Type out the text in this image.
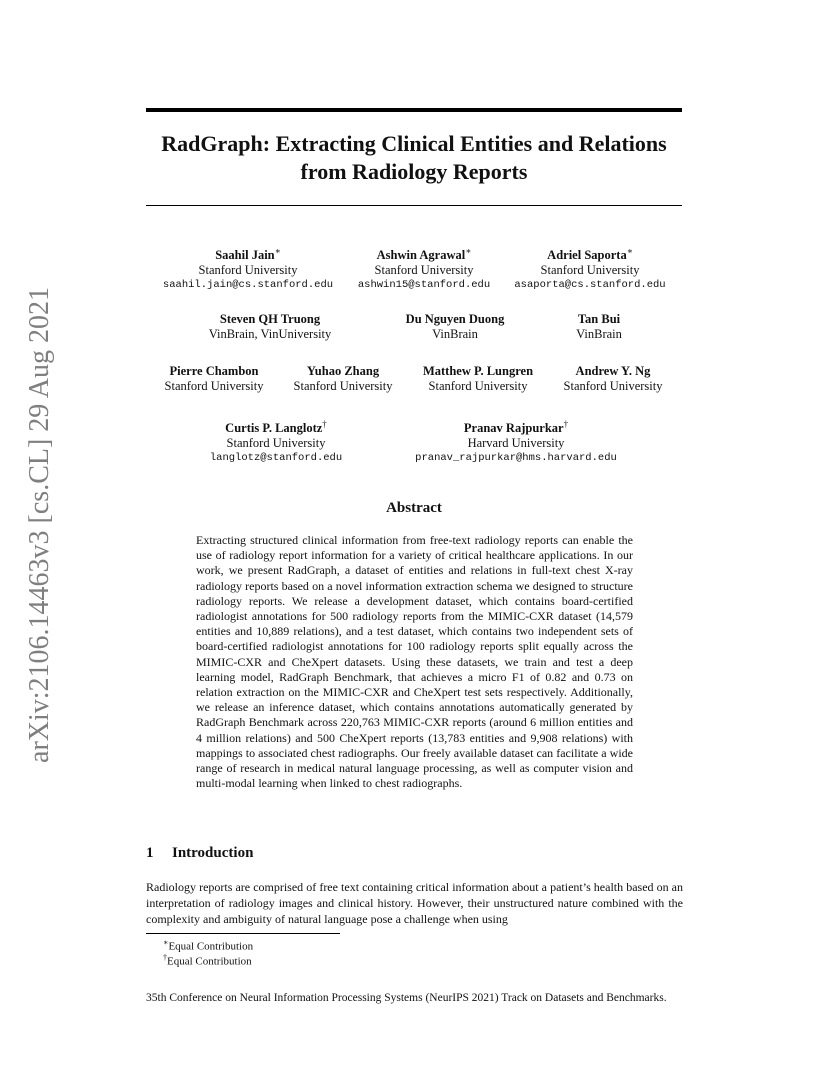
arXiv:2106.14463v3 [cs.CL] 29 Aug 2021
RadGraph: Extracting Clinical Entities and Relations
from Radiology Reports
Saahil Jain∗
Stanford University
saahil.jain@cs.stanford.edu
Ashwin Agrawal∗
Stanford University
ashwin15@stanford.edu
Adriel Saporta∗
Stanford University
asaporta@cs.stanford.edu
Steven QH Truong
VinBrain, VinUniversity
Du Nguyen Duong
VinBrain
Tan Bui
VinBrain
Pierre Chambon
Stanford University
Yuhao Zhang
Stanford University
Matthew P. Lungren
Stanford University
Andrew Y. Ng
Stanford University
Curtis P. Langlotz†
Stanford University
langlotz@stanford.edu
Pranav Rajpurkar†
Harvard University
pranav_rajpurkar@hms.harvard.edu
Abstract

Extracting structured clinical information from free-text radiology reports can enable the use of radiology report information for a variety of critical healthcare applications. In our work, we present RadGraph, a dataset of entities and relations in full-text chest X-ray radiology reports based on a novel information extraction schema we designed to structure radiology reports. We release a development dataset, which contains board-certified radiologist annotations for 500 radiology reports from the MIMIC-CXR dataset (14,579 entities and 10,889 relations), and a test dataset, which contains two independent sets of board-certified radiologist annotations for 100 radiology reports split equally across the MIMIC-CXR and CheXpert datasets. Using these datasets, we train and test a deep learning model, RadGraph Benchmark, that achieves a micro F1 of 0.82 and 0.73 on relation extraction on the MIMIC-CXR and CheXpert test sets respectively. Additionally, we release an inference dataset, which contains annotations automatically generated by RadGraph Benchmark across 220,763 MIMIC-CXR reports (around 6 million entities and 4 million relations) and 500 CheXpert reports (13,783 entities and 9,908 relations) with mappings to associated chest radiographs. Our freely available dataset can facilitate a wide range of research in medical natural language processing, as well as computer vision and multi-modal learning when linked to chest radiographs.

1 Introduction

Radiology reports are comprised of free text containing critical information about a patient’s health based on an interpretation of radiology images and clinical history. However, their unstructured nature combined with the complexity and ambiguity of natural language pose a challenge when using

∗Equal Contribution
†Equal Contribution
35th Conference on Neural Information Processing Systems (NeurIPS 2021) Track on Datasets and Benchmarks.
